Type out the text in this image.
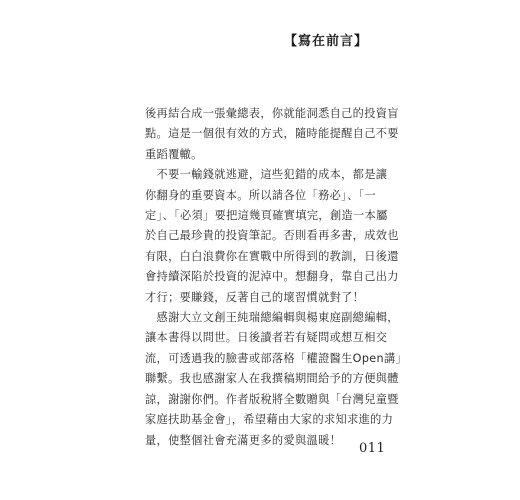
【寫在前言】
後再結合成一張彙總表，你就能洞悉自己的投資盲
點。這是一個很有效的方式，隨時能提醒自己不要
重蹈覆轍。
　不要一輸錢就逃避，這些犯錯的成本，都是讓
你翻身的重要資本。所以請各位「務必」、「一
定」、「必須」要把這幾頁確實填完，創造一本屬
於自己最珍貴的投資筆記。否則看再多書，成效也
有限，白白浪費你在實戰中所得到的教訓，日後還
會持續深陷於投資的泥淖中。想翻身，靠自己出力
才行；要賺錢，反著自己的壞習慣就對了！
　感謝大立文創王純瑞總編輯與楊東庭副總編輯，
讓本書得以問世。日後讀者若有疑問或想互相交
流，可透過我的臉書或部落格「權證醫生Open講」
聯繫。我也感謝家人在我撰稿期間給予的方便與體
諒，謝謝你們。作者版稅將全數贈與「台灣兒童暨
家庭扶助基金會」，希望藉由大家的求知求進的力
量，使整個社會充滿更多的愛與溫暖！
011
